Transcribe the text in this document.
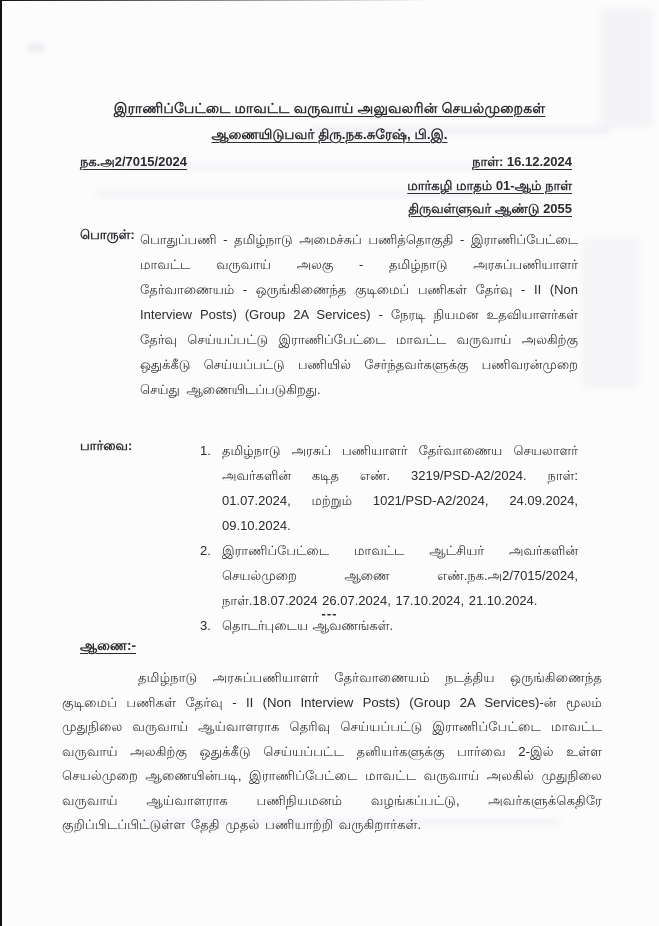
இராணிப்பேட்டை மாவட்ட வருவாய் அலுவலரின் செயல்முறைகள்
ஆணையிடுபவர் திரு.நக.சுரேஷ், பி.இ.
நக.அ2/7015/2024	நாள்: 16.12.2024
மார்கழி மாதம் 01-ஆம் நாள்
திருவள்ளுவர் ஆண்டு 2055
பொருள்: பொதுப்பணி - தமிழ்நாடு அமைச்சுப் பணித்தொகுதி - இராணிப்பேட்டை மாவட்ட வருவாய் அலகு - தமிழ்நாடு அரசுப்பணியாளர் தேர்வாணையம் - ஒருங்கிணைந்த குடிமைப் பணிகள் தேர்வு - II (Non Interview Posts) (Group 2A Services) - நேரடி நியமன உதவியாளர்கள் தேர்வு செய்யப்பட்டு இராணிப்பேட்டை மாவட்ட வருவாய் அலகிற்கு ஒதுக்கீடு செய்யப்பட்டு பணியில் சேர்ந்தவர்களுக்கு பணிவரன்முறை செய்து ஆணையிடப்படுகிறது.
பார்வை:	1. தமிழ்நாடு அரசுப் பணியாளர் தேர்வாணைய செயலாளர் அவர்களின் கடித எண். 3219/PSD-A2/2024. நாள்: 01.07.2024, மற்றும் 1021/PSD-A2/2024, 24.09.2024, 09.10.2024.
2. இராணிப்பேட்டை மாவட்ட ஆட்சியர் அவர்களின் செயல்முறை ஆணை எண்.நக.அ2/7015/2024, நாள்.18.07.2024 26.07.2024, 17.10.2024, 21.10.2024.
3. தொடர்புடைய ஆவணங்கள்.
---
ஆணை:-
தமிழ்நாடு அரசுப்பணியாளர் தேர்வாணையம் நடத்திய ஒருங்கிணைந்த குடிமைப் பணிகள் தேர்வு - II (Non Interview Posts) (Group 2A Services)-ன் மூலம் முதுநிலை வருவாய் ஆய்வாளராக தெரிவு செய்யப்பட்டு இராணிப்பேட்டை மாவட்ட வருவாய் அலகிற்கு ஒதுக்கீடு செய்யப்பட்ட தனியர்களுக்கு பார்வை 2-இல் உள்ள செயல்முறை ஆணையின்படி, இராணிப்பேட்டை மாவட்ட வருவாய் அலகில் முதுநிலை வருவாய் ஆய்வாளராக பணிநியமனம் வழங்கப்பட்டு, அவர்களுக்கெதிரே குறிப்பிடப்பிட்டுள்ள தேதி முதல் பணியாற்றி வருகிறார்கள்.
